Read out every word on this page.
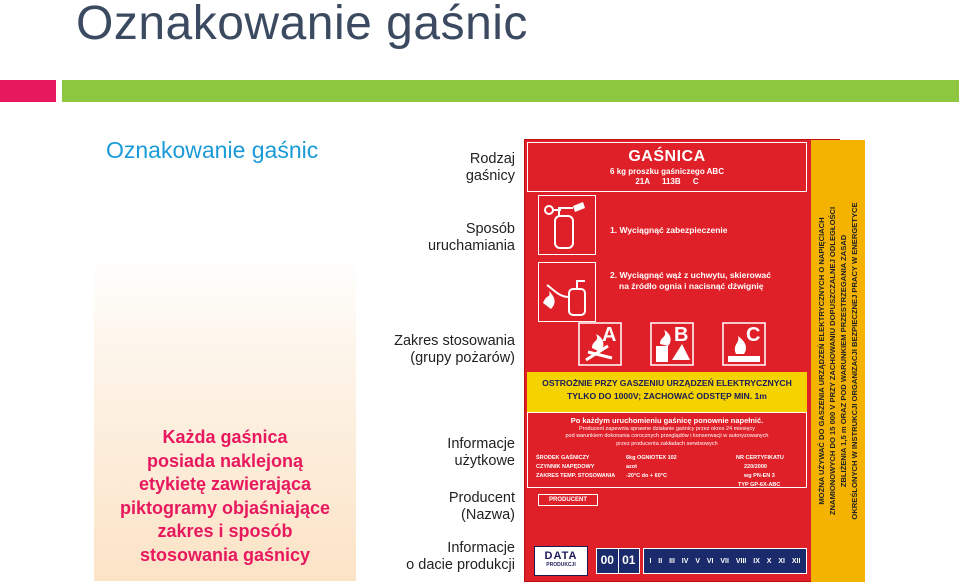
Oznakowanie gaśnic
Oznakowanie gaśnic
Każda gaśnica
posiada naklejoną
etykietę zawierająca
piktogramy objaśniające
zakres i sposób
stosowania gaśnicy
Rodzaj
gaśnicy
Sposób
uruchamiania
Zakres stosowania
(grupy pożarów)
Informacje
użytkowe
Producent
(Nazwa)
Informacje
o dacie produkcji
MOŻNA UŻYWAĆ DO GASZENIA URZĄDZEŃ ELEKTRYCZNYCH O NAPIĘCIACH ZNAMIONOWYCH DO 15 000 V PRZY ZACHOWANIU DOPUSZCZALNEJ ODLEGŁOŚCI ZBLIŻENIA 1,5 m ORAZ POD WARUNKIEM PRZESTRZEGANIA ZASAD OKREŚLONYCH W INSTRUKCJI ORGANIZACJI BEZPIECZNEJ PRACY W ENERGETYCE
GAŚNICA
6 kg proszku gaśniczego ABC
21A 113B C
1. Wyciągnąć zabezpieczenie
2. Wyciągnąć wąż z uchwytu, skierować
na źródło ognia i nacisnąć dźwignię
A	B	C
OSTROŻNIE PRZY GASZENIU URZĄDZEŃ ELEKTRYCZNYCH
TYLKO DO 1000V; ZACHOWAĆ ODSTĘP MIN. 1m
Po każdym uruchomieniu gaśnicę ponownie napełnić.
Producent zapewnia sprawne działanie gaśnicy przez okres 24 miesięcy
pod warunkiem dokonania corocznych przeglądów i konserwacji w autoryzowanych
przez producenta zakładach serwisowych
ŚRODEK GAŚNICZY	6kg OGNIOTEX 102	NR CERTYFIKATU
CZYNNIK NAPĘDOWY	azot	220/2000
ZAKRES TEMP. STOSOWANIA	-20°C do + 60°C	wg PN-EN 3
TYP GP-6X-ABC
PRODUCENT
DATA
PRODUKCJI	00 01	I II III IV V VI VII VIII IX X XI XII
